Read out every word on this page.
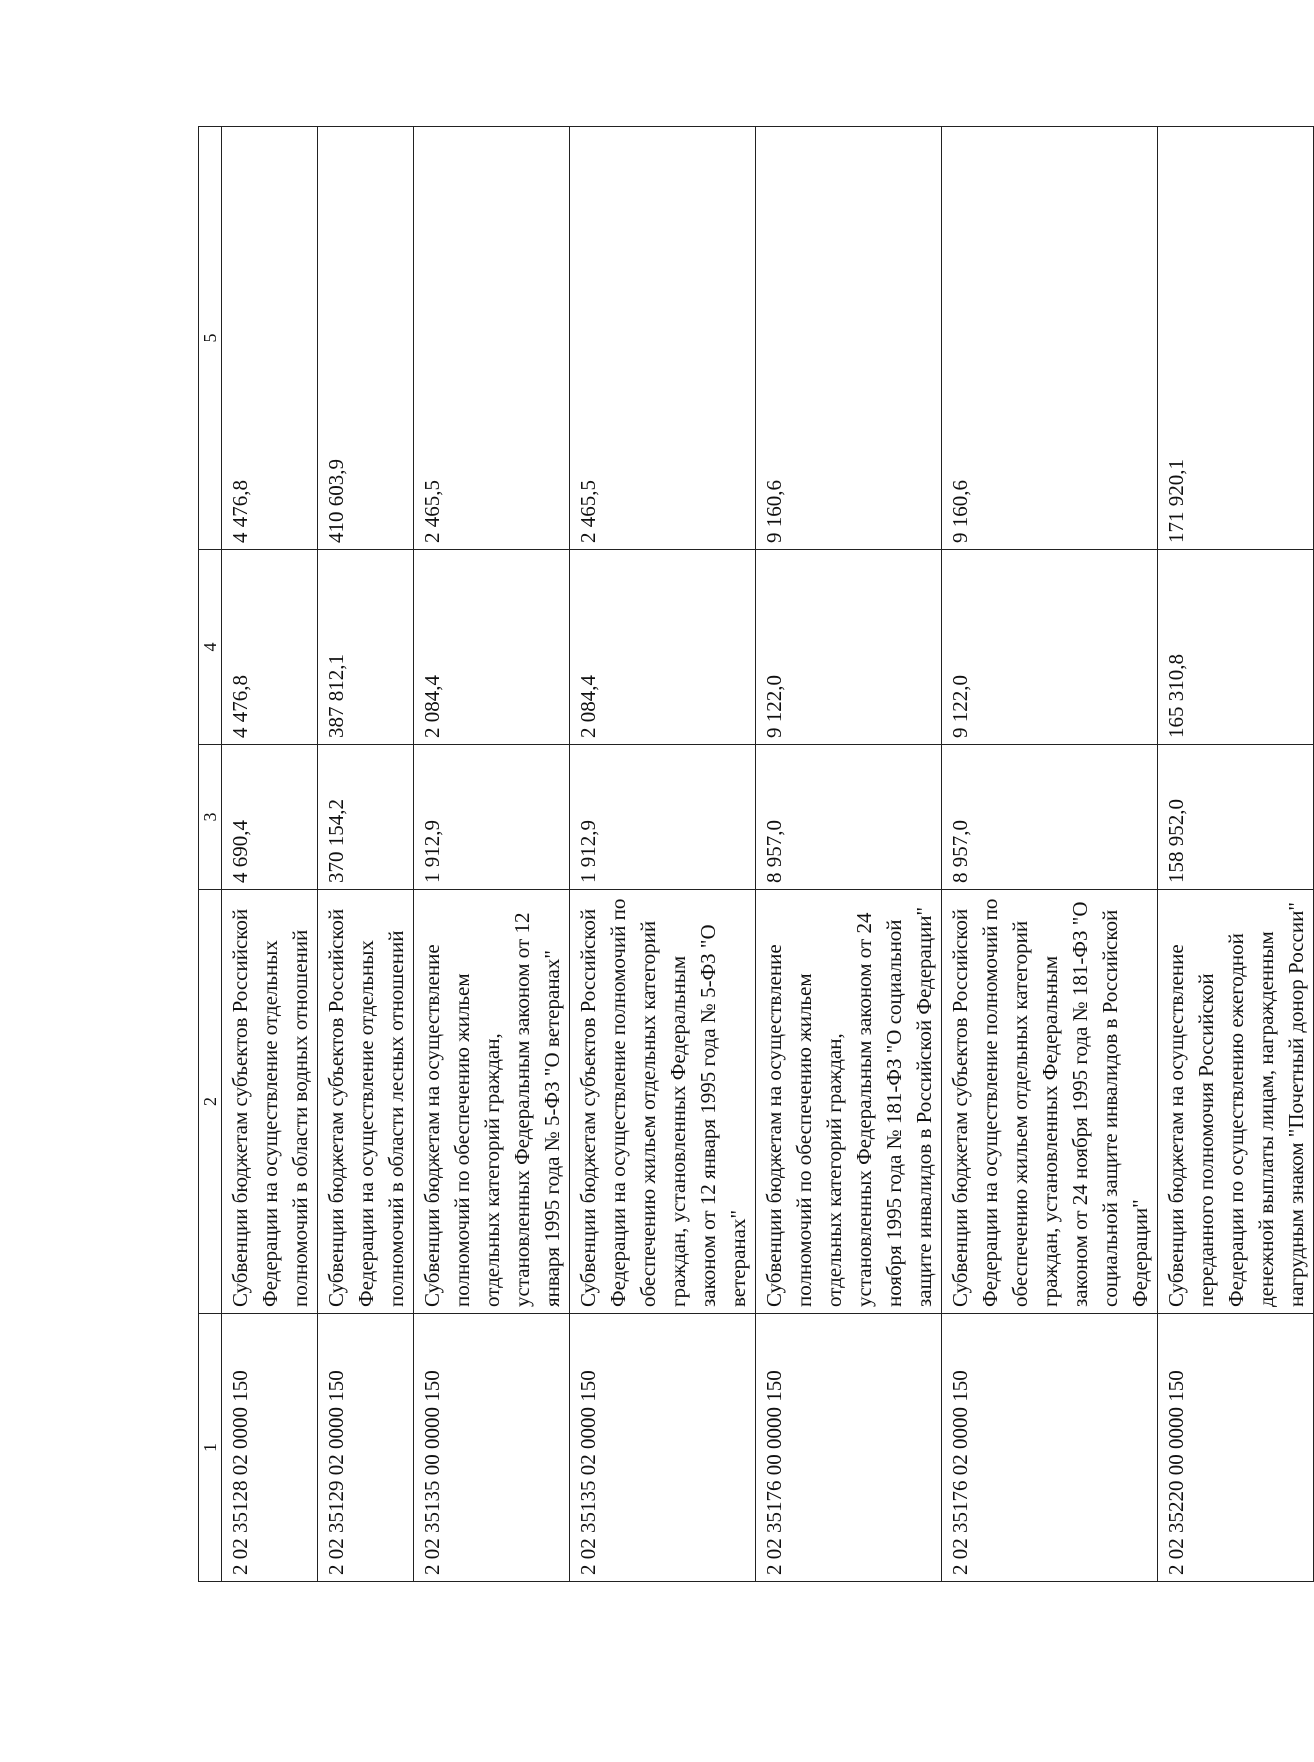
1	2	3	4	5
2 02 35128 02 0000 150	Субвенции бюджетам субъектов Российской Федерации на осуществление отдельных полномочий в области водных отношений	4 690,4	4 476,8	4 476,8
2 02 35129 02 0000 150	Субвенции бюджетам субъектов Российской Федерации на осуществление отдельных полномочий в области лесных отношений	370 154,2	387 812,1	410 603,9
2 02 35135 00 0000 150	Субвенции бюджетам на осуществление полномочий по обеспечению жильем отдельных категорий граждан, установленных Федеральным законом от 12 января 1995 года № 5-ФЗ "О ветеранах"	1 912,9	2 084,4	2 465,5
2 02 35135 02 0000 150	Субвенции бюджетам субъектов Российской Федерации на осуществление полномочий по обеспечению жильем отдельных категорий граждан, установленных Федеральным законом от 12 января 1995 года № 5-ФЗ "О ветеранах"	1 912,9	2 084,4	2 465,5
2 02 35176 00 0000 150	Субвенции бюджетам на осуществление полномочий по обеспечению жильем отдельных категорий граждан, установленных Федеральным законом от 24 ноября 1995 года № 181-ФЗ "О социальной защите инвалидов в Российской Федерации"	8 957,0	9 122,0	9 160,6
2 02 35176 02 0000 150	Субвенции бюджетам субъектов Российской Федерации на осуществление полномочий по обеспечению жильем отдельных категорий граждан, установленных Федеральным законом от 24 ноября 1995 года № 181-ФЗ "О социальной защите инвалидов в Российской Федерации"	8 957,0	9 122,0	9 160,6
2 02 35220 00 0000 150	Субвенции бюджетам на осуществление переданного полномочия Российской Федерации по осуществлению ежегодной денежной выплаты лицам, награжденным нагрудным знаком "Почетный донор России"	158 952,0	165 310,8	171 920,1
